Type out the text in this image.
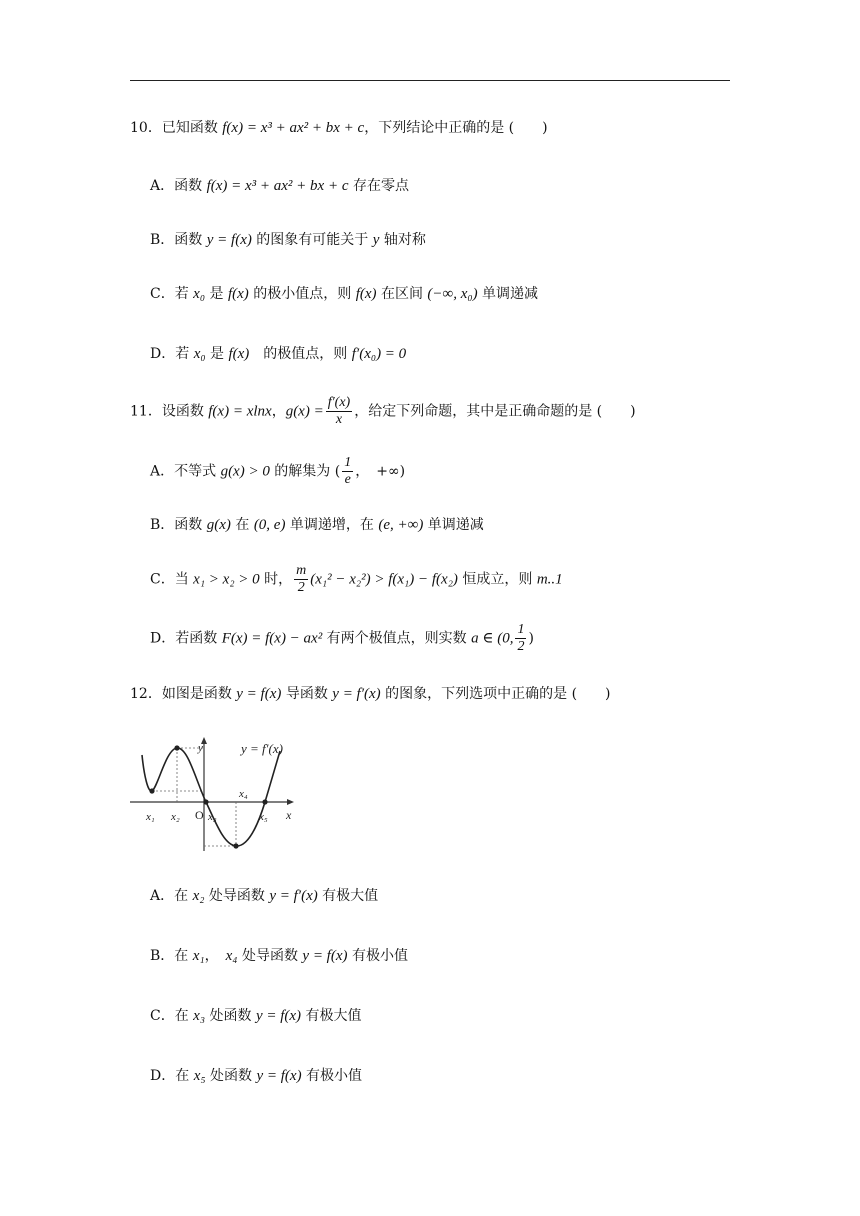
10．已知函数 f(x) = x³ + ax² + bx + c，下列结论中正确的是 (　　)
A．函数 f(x) = x³ + ax² + bx + c 存在零点
B．函数 y = f(x) 的图象有可能关于 y 轴对称
C．若 x₀ 是 f(x) 的极小值点，则 f(x) 在区间 (−∞, x₀) 单调递减
D．若 x₀ 是 f(x)　的极值点，则 f′(x₀) = 0
11．设函数 f(x) = xlnx，$g(x) = \frac{f'(x)}{x}$ ，给定下列命题，其中是正确命题的是 (　　)
A．不等式 g(x) > 0 的解集为 ( $\frac{1}{e}$ ，　+∞)
B．函数 g(x) 在 (0, e) 单调递增，在 (e, +∞) 单调递减
C．当 x₁ > x₂ > 0 时， $\frac{m}{2} (x_1^2 - x_2^2) > f(x_1) - f(x_2)$ 恒成立，则 m..1
D．若函数 F(x) = f(x) − ax² 有两个极值点，则实数 a ∈ (0, $\frac{1}{2}$ )
12．如图是函数 y = f(x) 导函数 y = f′(x) 的图象，下列选项中正确的是 (　　)
y = f′(x)
y
x
O
x₁ x₂	x₃
x₄
x₅
A．在 x₂ 处导函数 y = f′(x) 有极大值
B．在 x₁，　x₄ 处导函数 y = f(x) 有极小值
C．在 x₃ 处函数 y = f(x) 有极大值
D．在 x₅ 处函数 y = f(x) 有极小值
